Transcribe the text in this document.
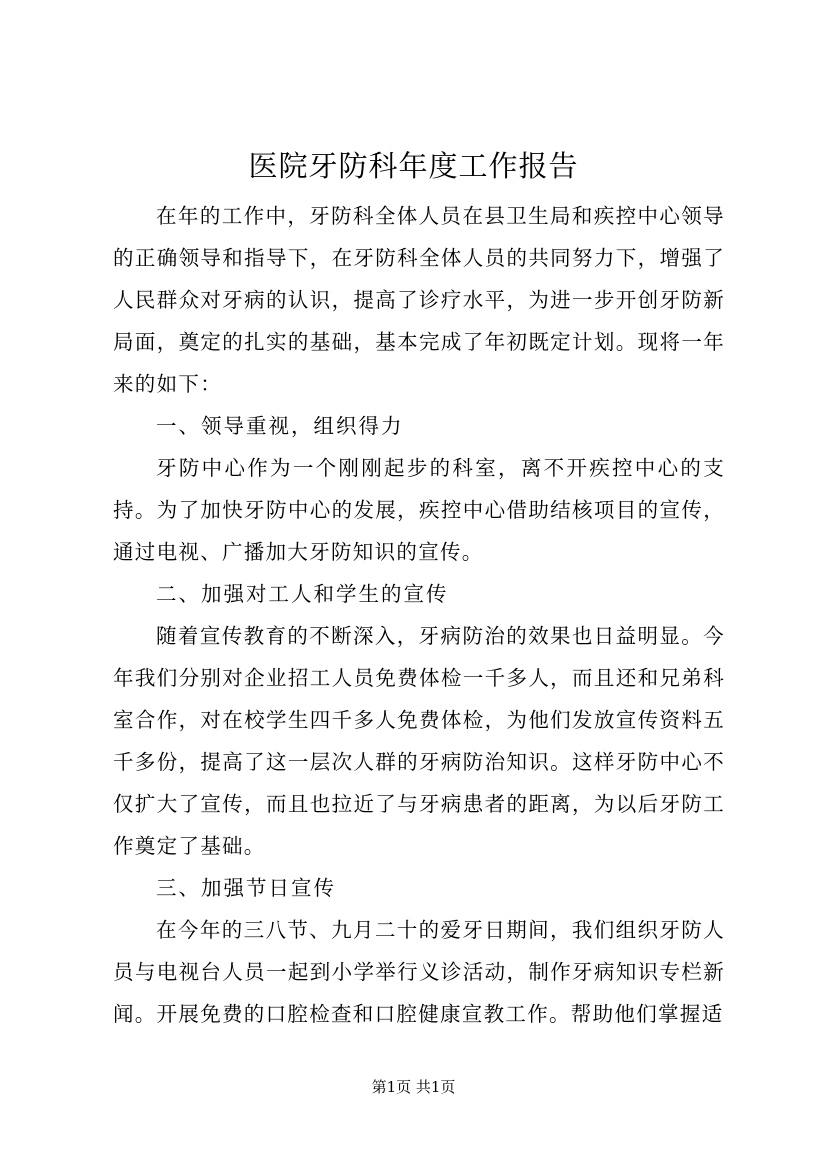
医院牙防科年度工作报告

在年的工作中，牙防科全体人员在县卫生局和疾控中心领导的正确领导和指导下，在牙防科全体人员的共同努力下，增强了人民群众对牙病的认识，提高了诊疗水平，为进一步开创牙防新局面，奠定的扎实的基础，基本完成了年初既定计划。现将一年来的如下：

一、领导重视，组织得力

牙防中心作为一个刚刚起步的科室，离不开疾控中心的支持。为了加快牙防中心的发展，疾控中心借助结核项目的宣传，通过电视、广播加大牙防知识的宣传。

二、加强对工人和学生的宣传

随着宣传教育的不断深入，牙病防治的效果也日益明显。今年我们分别对企业招工人员免费体检一千多人，而且还和兄弟科室合作，对在校学生四千多人免费体检，为他们发放宣传资料五千多份，提高了这一层次人群的牙病防治知识。这样牙防中心不仅扩大了宣传，而且也拉近了与牙病患者的距离，为以后牙防工作奠定了基础。

三、加强节日宣传

在今年的三八节、九月二十的爱牙日期间，我们组织牙防人员与电视台人员一起到小学举行义诊活动，制作牙病知识专栏新闻。开展免费的口腔检查和口腔健康宣教工作。帮助他们掌握适

第1页 共1页
